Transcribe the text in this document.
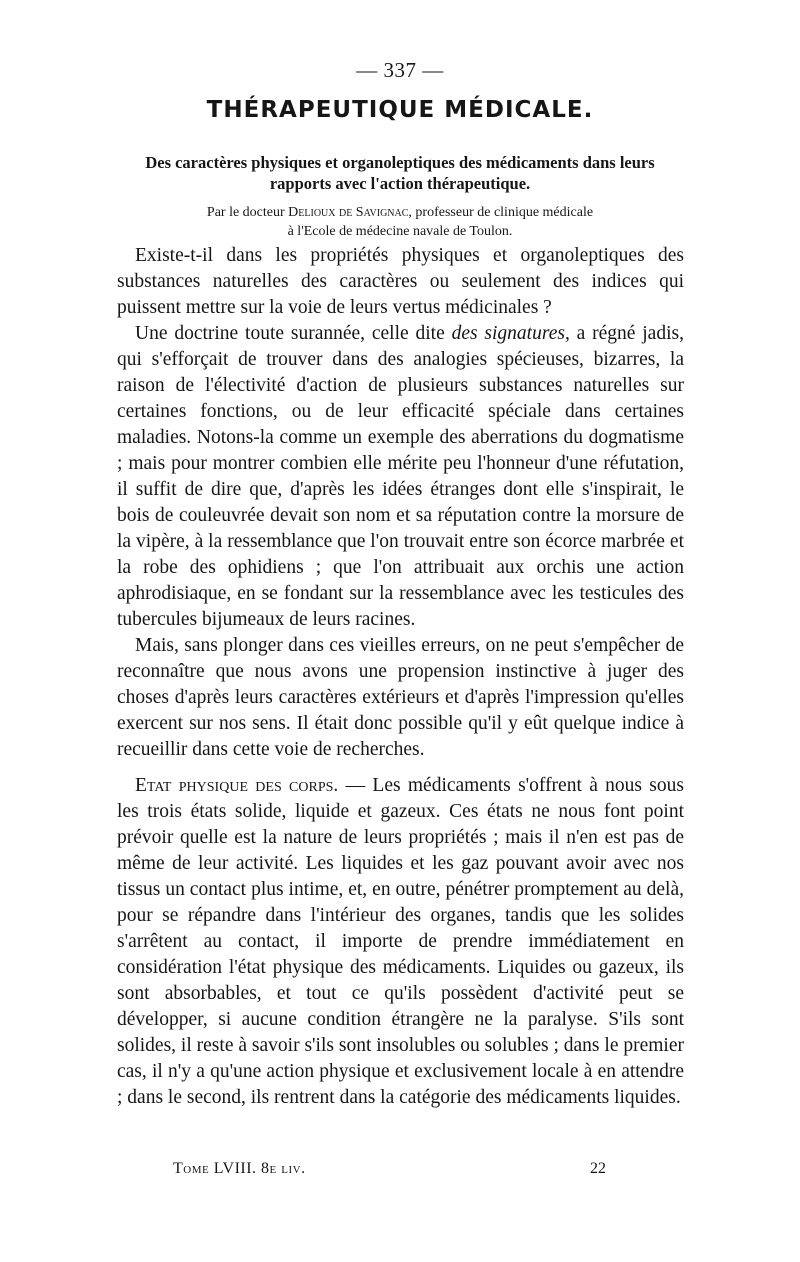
— 337 —
THÉRAPEUTIQUE MÉDICALE.
Des caractères physiques et organoleptiques des médicaments dans leurs rapports avec l'action thérapeutique.
Par le docteur Delioux de Savignac, professeur de clinique médicale
à l'Ecole de médecine navale de Toulon.

Existe-t-il dans les propriétés physiques et organoleptiques des substances naturelles des caractères ou seulement des indices qui puissent mettre sur la voie de leurs vertus médicinales ?

Une doctrine toute surannée, celle dite des signatures, a régné jadis, qui s'efforçait de trouver dans des analogies spécieuses, bizarres, la raison de l'électivité d'action de plusieurs substances naturelles sur certaines fonctions, ou de leur efficacité spéciale dans certaines maladies. Notons-la comme un exemple des aberrations du dogmatisme ; mais pour montrer combien elle mérite peu l'honneur d'une réfutation, il suffit de dire que, d'après les idées étranges dont elle s'inspirait, le bois de couleuvrée devait son nom et sa réputation contre la morsure de la vipère, à la ressemblance que l'on trouvait entre son écorce marbrée et la robe des ophidiens ; que l'on attribuait aux orchis une action aphrodisiaque, en se fondant sur la ressemblance avec les testicules des tubercules bijumeaux de leurs racines.

Mais, sans plonger dans ces vieilles erreurs, on ne peut s'empêcher de reconnaître que nous avons une propension instinctive à juger des choses d'après leurs caractères extérieurs et d'après l'impression qu'elles exercent sur nos sens. Il était donc possible qu'il y eût quelque indice à recueillir dans cette voie de recherches.

Etat physique des corps. — Les médicaments s'offrent à nous sous les trois états solide, liquide et gazeux. Ces états ne nous font point prévoir quelle est la nature de leurs propriétés ; mais il n'en est pas de même de leur activité. Les liquides et les gaz pouvant avoir avec nos tissus un contact plus intime, et, en outre, pénétrer promptement au delà, pour se répandre dans l'intérieur des organes, tandis que les solides s'arrêtent au contact, il importe de prendre immédiatement en considération l'état physique des médicaments. Liquides ou gazeux, ils sont absorbables, et tout ce qu'ils possèdent d'activité peut se développer, si aucune condition étrangère ne la paralyse. S'ils sont solides, il reste à savoir s'ils sont insolubles ou solubles ; dans le premier cas, il n'y a qu'une action physique et exclusivement locale à en attendre ; dans le second, ils rentrent dans la catégorie des médicaments liquides.

Tome LVIII. 8e liv.	22
